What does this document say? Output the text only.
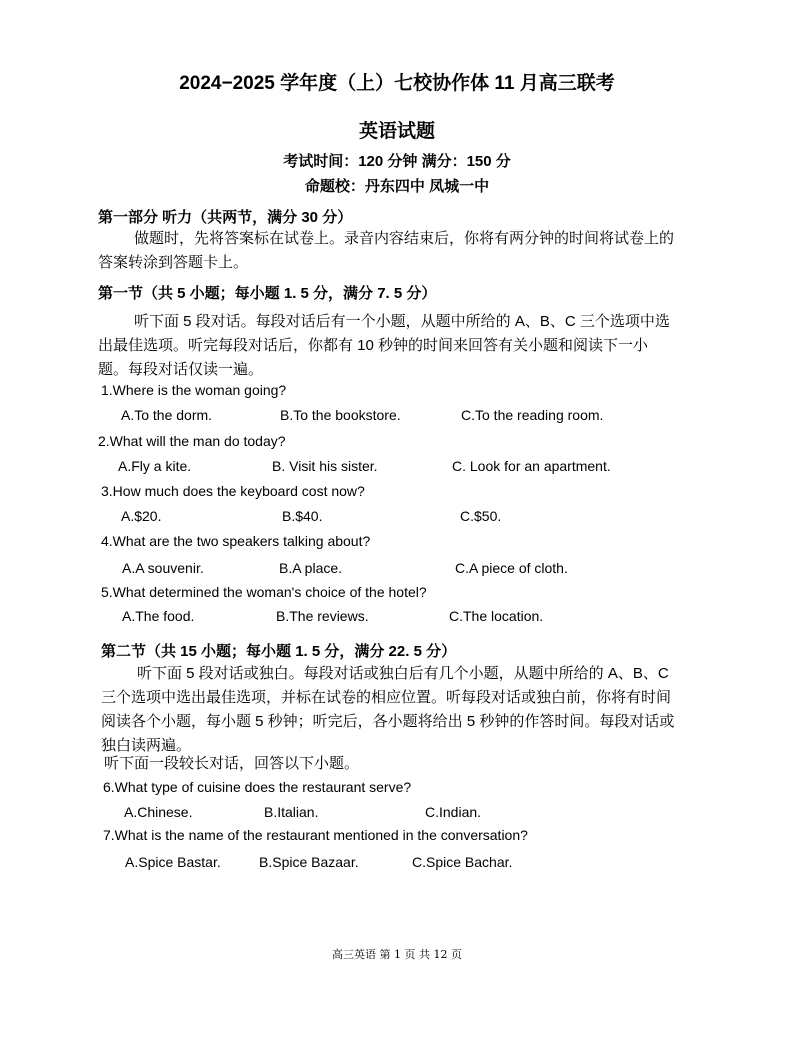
2024−2025 学年度（上）七校协作体 11 月高三联考
英语试题
考试时间：120 分钟 满分：150 分
命题校：丹东四中 凤城一中
第一部分 听力（共两节，满分 30 分）
做题时，先将答案标在试卷上。录音内容结束后，你将有两分钟的时间将试卷上的答案转涂到答题卡上。
第一节（共 5 小题；每小题 1. 5 分，满分 7. 5 分）
听下面 5 段对话。每段对话后有一个小题，从题中所给的 A、B、C 三个选项中选出最佳选项。听完每段对话后，你都有 10 秒钟的时间来回答有关小题和阅读下一小题。每段对话仅读一遍。
1.Where is the woman going?
A.To the dorm.	B.To the bookstore.	C.To the reading room.
2.What will the man do today?
A.Fly a kite.	B. Visit his sister.	C. Look for an apartment.
3.How much does the keyboard cost now?
A.$20.	B.$40.	C.$50.
4.What are the two speakers talking about?
A.A souvenir.	B.A place.	C.A piece of cloth.
5.What determined the woman's choice of the hotel?
A.The food.	B.The reviews.	C.The location.
第二节（共 15 小题；每小题 1. 5 分，满分 22. 5 分）
听下面 5 段对话或独白。每段对话或独白后有几个小题，从题中所给的 A、B、C 三个选项中选出最佳选项，并标在试卷的相应位置。听每段对话或独白前，你将有时间阅读各个小题，每小题 5 秒钟；听完后，各小题将给出 5 秒钟的作答时间。每段对话或独白读两遍。
听下面一段较长对话，回答以下小题。
6.What type of cuisine does the restaurant serve?
A.Chinese.	B.Italian.	C.Indian.
7.What is the name of the restaurant mentioned in the conversation?
A.Spice Bastar.	B.Spice Bazaar.	C.Spice Bachar.
高三英语 第 1 页 共 12 页
